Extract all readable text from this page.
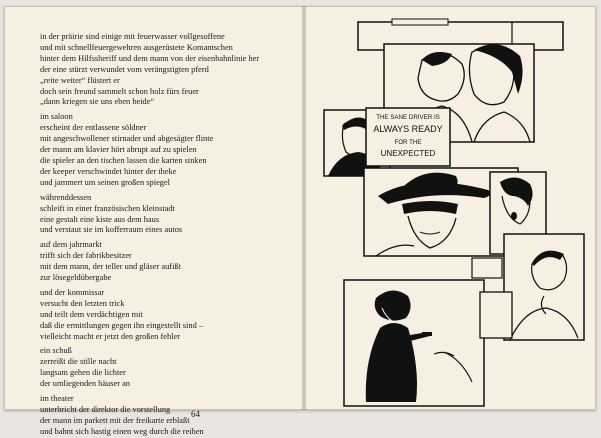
in der präirie sind einige mit feuerwasser vollgesoffene
und mit schnellfeuergewehren ausgerüstete Komantschen
hinter dem Hilfssheriff und dem mann von der eisenbahnlinie her
der eine stürzt verwundet vom verängstigten pferd
„reite weiter“ flüstert er
doch sein freund sammelt schon holz fürs feuer
„dann kriegen sie uns eben beide“
im saloon
erscheint der entlassene söldner
mit angeschwollener stirnader und abgesägter flinte
der mann am klavier hört abrupt auf zu spielen
die spieler an den tischen lassen die karten sinken
der keeper verschwindet hinter der theke
und jammert um seinen großen spiegel
währenddessen
schleift in einer französischen kleinstadt
eine gestalt eine kiste aus dem haus
und verstaut sie im kofferraum eines autos
auf dem jahrmarkt
trifft sich der fabrikbesitzer
mit dem mann, der teller und gläser aufißt
zur lösegeldübergabe
und der kommissar
versucht den letzten trick
und teilt dem verdächtigen mit
daß die ermittlungen gegen ihn eingestellt sind –
vielleicht macht er jetzt den großen fehler
ein schuß
zerreißt die stille nacht
langsam gehen die lichter
der umliegenden häuser an
im theater
unterbricht der direktor die vorstellung
der mann im parkett mit der freikarte erblaßt
und bahnt sich hastig einen weg durch die reihen
64
THE SANE DRIVER IS
ALWAYS READY
FOR THE
UNEXPECTED
